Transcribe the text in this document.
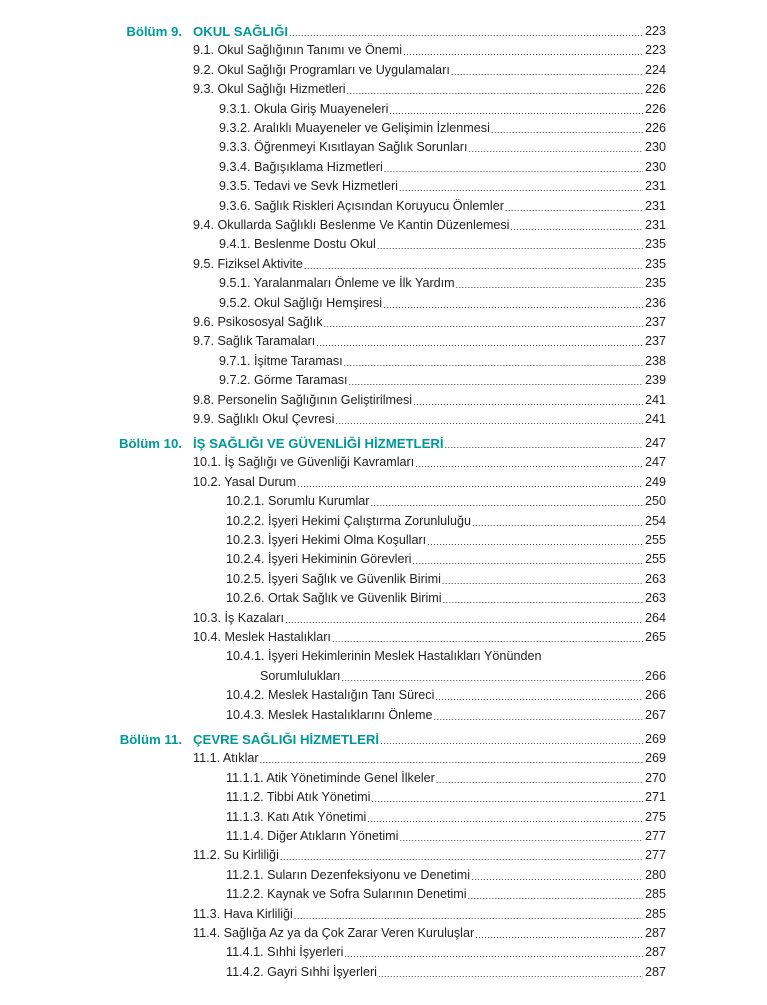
Bölüm 9. OKUL SAĞLIĞI .....	223
9.1. Okul Sağlığının Tanımı ve Önemi .....	223
9.2. Okul Sağlığı Programları ve Uygulamaları .....	224
9.3. Okul Sağlığı Hizmetleri .....	226
9.3.1. Okula Giriş Muayeneleri .....	226
9.3.2. Aralıklı Muayeneler ve Gelişimin İzlenmesi .....	226
9.3.3. Öğrenmeyi Kısıtlayan Sağlık Sorunları .....	230
9.3.4. Bağışıklama Hizmetleri .....	230
9.3.5. Tedavi ve Sevk Hizmetleri .....	231
9.3.6. Sağlık Riskleri Açısından Koruyucu Önlemler .....	231
9.4. Okullarda Sağlıklı Beslenme Ve Kantin Düzenlemesi .....	231
9.4.1. Beslenme Dostu Okul .....	235
9.5. Fiziksel Aktivite .....	235
9.5.1. Yaralanmaları Önleme ve İlk Yardım .....	235
9.5.2. Okul Sağlığı Hemşiresi .....	236
9.6. Psikososyal Sağlık .....	237
9.7. Sağlık Taramaları .....	237
9.7.1. İşitme Taraması .....	238
9.7.2. Görme Taraması .....	239
9.8. Personelin Sağlığının Geliştirilmesi .....	241
9.9. Sağlıklı Okul Çevresi .....	241
Bölüm 10. İŞ SAĞLIĞI VE GÜVENLİĞİ HİZMETLERİ .....	247
10.1. İş Sağlığı ve Güvenliği Kavramları .....	247
10.2. Yasal Durum .....	249
10.2.1. Sorumlu Kurumlar .....	250
10.2.2. İşyeri Hekimi Çalıştırma Zorunluluğu .....	254
10.2.3. İşyeri Hekimi Olma Koşulları .....	255
10.2.4. İşyeri Hekiminin Görevleri .....	255
10.2.5. İşyeri Sağlık ve Güvenlik Birimi .....	263
10.2.6. Ortak Sağlık ve Güvenlik Birimi .....	263
10.3. İş Kazaları .....	264
10.4. Meslek Hastalıkları .....	265
10.4.1. İşyeri Hekimlerinin Meslek Hastalıkları Yönünden
Sorumlulukları .....	266
10.4.2. Meslek Hastalığın Tanı Süreci .....	266
10.4.3. Meslek Hastalıklarını Önleme .....	267
Bölüm 11. ÇEVRE SAĞLIĞI HİZMETLERİ .....	269
11.1. Atıklar .....	269
11.1.1. Atik Yönetiminde Genel İlkeler .....	270
11.1.2. Tibbi Atık Yönetimi .....	271
11.1.3. Katı Atık Yönetimi .....	275
11.1.4. Diğer Atıkların Yönetimi .....	277
11.2. Su Kirliliği .....	277
11.2.1. Suların Dezenfeksiyonu ve Denetimi .....	280
11.2.2. Kaynak ve Sofra Sularının Denetimi .....	285
11.3. Hava Kirliliği .....	285
11.4. Sağlığa Az ya da Çok Zarar Veren Kuruluşlar .....	287
11.4.1. Sıhhi İşyerleri .....	287
11.4.2. Gayri Sıhhi İşyerleri .....	287
